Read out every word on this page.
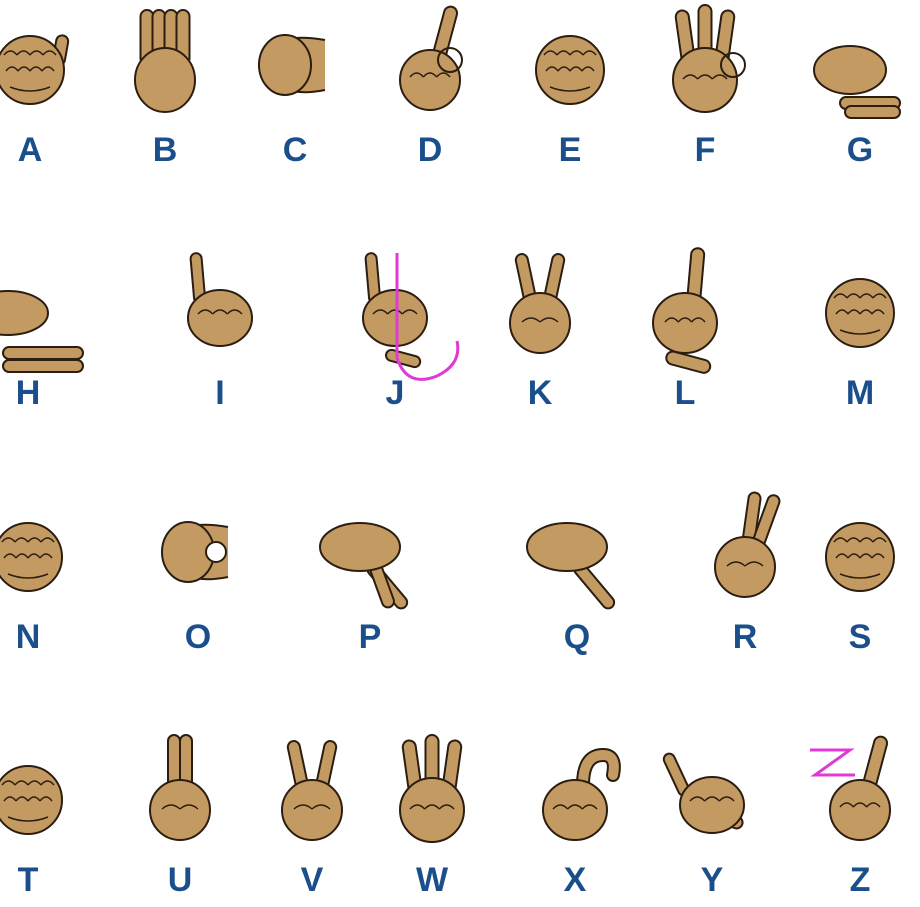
A	B	C	D	E	F	G
H	I	J	K	L	M
N	O	P	Q	R	S
T	U	V	W	X	Y	Z
